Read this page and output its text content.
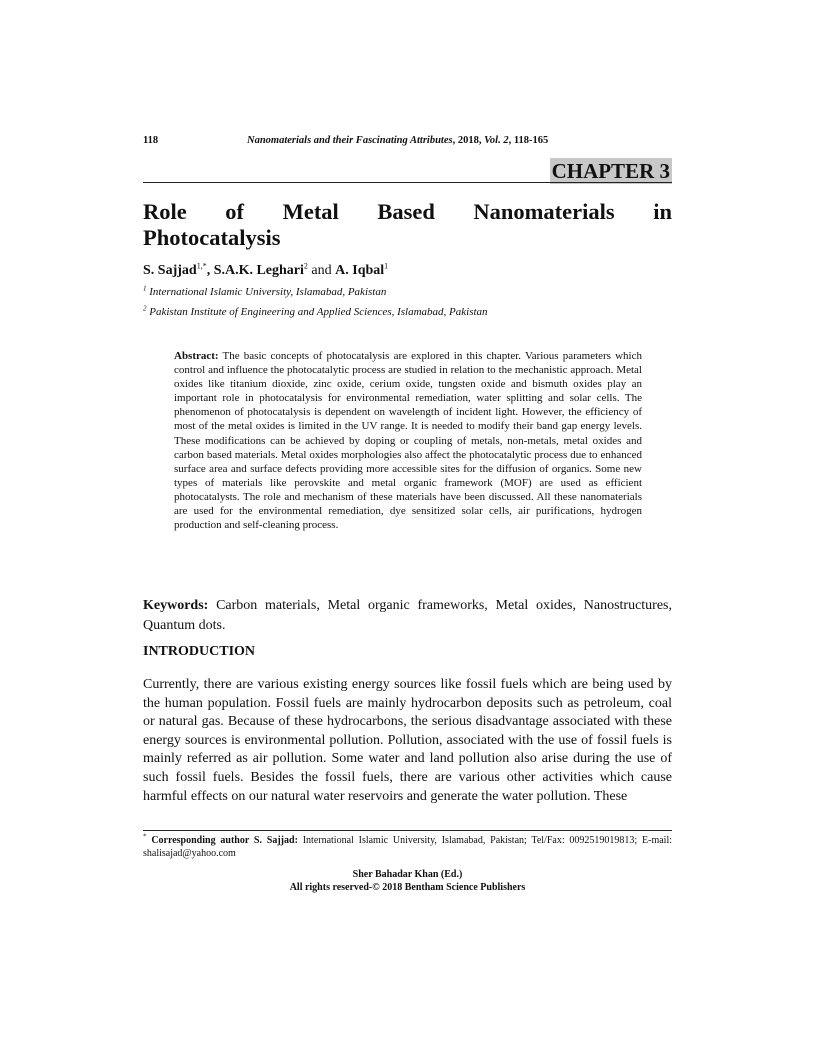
118	Nanomaterials and their Fascinating Attributes, 2018, Vol. 2, 118-165
CHAPTER 3
Role of Metal Based Nanomaterials in
Photocatalysis
S. Sajjad$^{1,*}$, S.A.K. Leghari$^2$ and A. Iqbal$^1$
$^1$ International Islamic University, Islamabad, Pakistan
$^2$ Pakistan Institute of Engineering and Applied Sciences, Islamabad, Pakistan
Abstract: The basic concepts of photocatalysis are explored in this chapter. Various parameters which control and influence the photocatalytic process are studied in relation to the mechanistic approach. Metal oxides like titanium dioxide, zinc oxide, cerium oxide, tungsten oxide and bismuth oxides play an important role in photocatalysis for environmental remediation, water splitting and solar cells. The phenomenon of photocatalysis is dependent on wavelength of incident light. However, the efficiency of most of the metal oxides is limited in the UV range. It is needed to modify their band gap energy levels. These modifications can be achieved by doping or coupling of metals, non-metals, metal oxides and carbon based materials. Metal oxides morphologies also affect the photocatalytic process due to enhanced surface area and surface defects providing more accessible sites for the diffusion of organics. Some new types of materials like perovskite and metal organic framework (MOF) are used as efficient photocatalysts. The role and mechanism of these materials have been discussed. All these nanomaterials are used for the environmental remediation, dye sensitized solar cells, air purifications, hydrogen production and self-cleaning process.
Keywords: Carbon materials, Metal organic frameworks, Metal oxides, Nanostructures, Quantum dots.
INTRODUCTION
Currently, there are various existing energy sources like fossil fuels which are being used by the human population. Fossil fuels are mainly hydrocarbon deposits such as petroleum, coal or natural gas. Because of these hydrocarbons, the serious disadvantage associated with these energy sources is environmental pollution. Pollution, associated with the use of fossil fuels is mainly referred as air pollution. Some water and land pollution also arise during the use of such fossil fuels. Besides the fossil fuels, there are various other activities which cause harmful effects on our natural water reservoirs and generate the water pollution. These
* Corresponding author S. Sajjad: International Islamic University, Islamabad, Pakistan; Tel/Fax: 0092519019813; E-mail: shalisajad@yahoo.com
Sher Bahadar Khan (Ed.)
All rights reserved-© 2018 Bentham Science Publishers
